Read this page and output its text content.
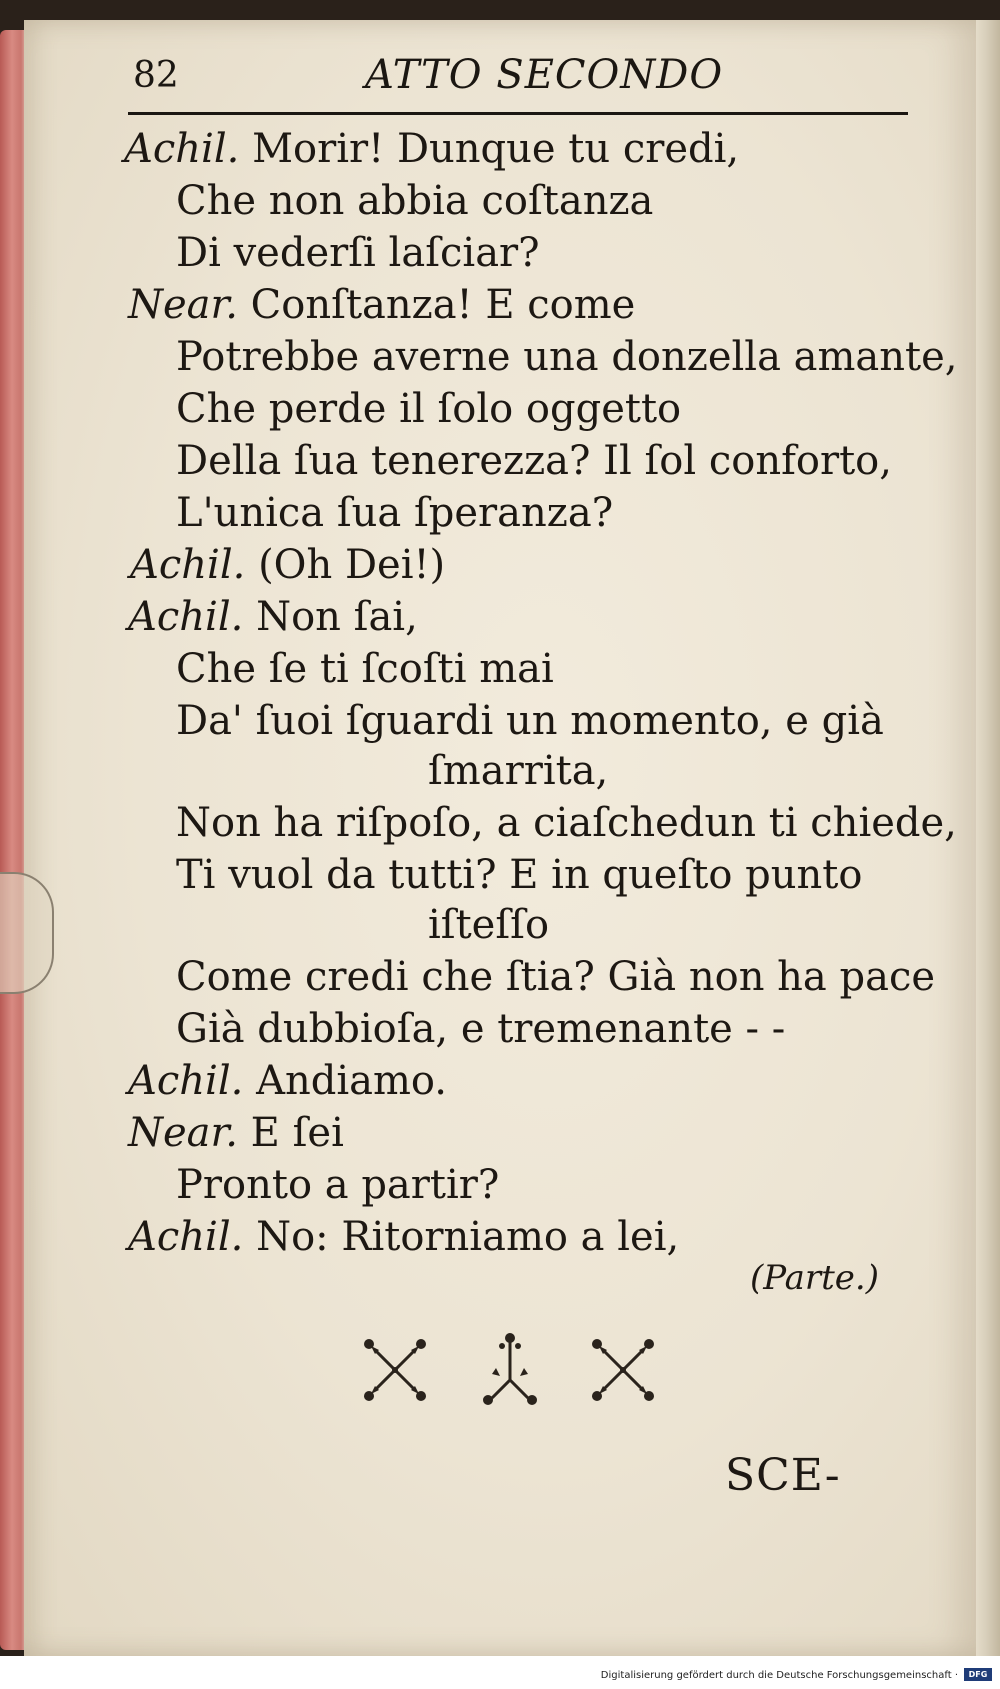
82	ATTO SECONDO
Achil. Morir! Dunque tu credi,
Che non abbia coſtanza
Di vederſi laſciar?
Near. Conſtanza! E come
Potrebbe averne una donzella amante,
Che perde il ſolo oggetto
Della ſua tenerezza? Il ſol conforto,
L'unica ſua ſperanza?
Achil. (Oh Dei!)
Achil. Non ſai,
Che ſe ti ſcoſti mai
Da' ſuoi ſguardi un momento, e già
ſmarrita,
Non ha riſpoſo, a ciaſchedun ti chiede,
Ti vuol da tutti? E in queſto punto
iſteſſo
Come credi che ſtia? Già non ha pace
Già dubbioſa, e tremenante - -
Achil. Andiamo.
Near. E ſei
Pronto a partir?
Achil. No: Ritorniamo a lei,
(Parte.)
SCE-
Digitalisierung gefördert durch die Deutsche Forschungsgemeinschaft ·	DFG
